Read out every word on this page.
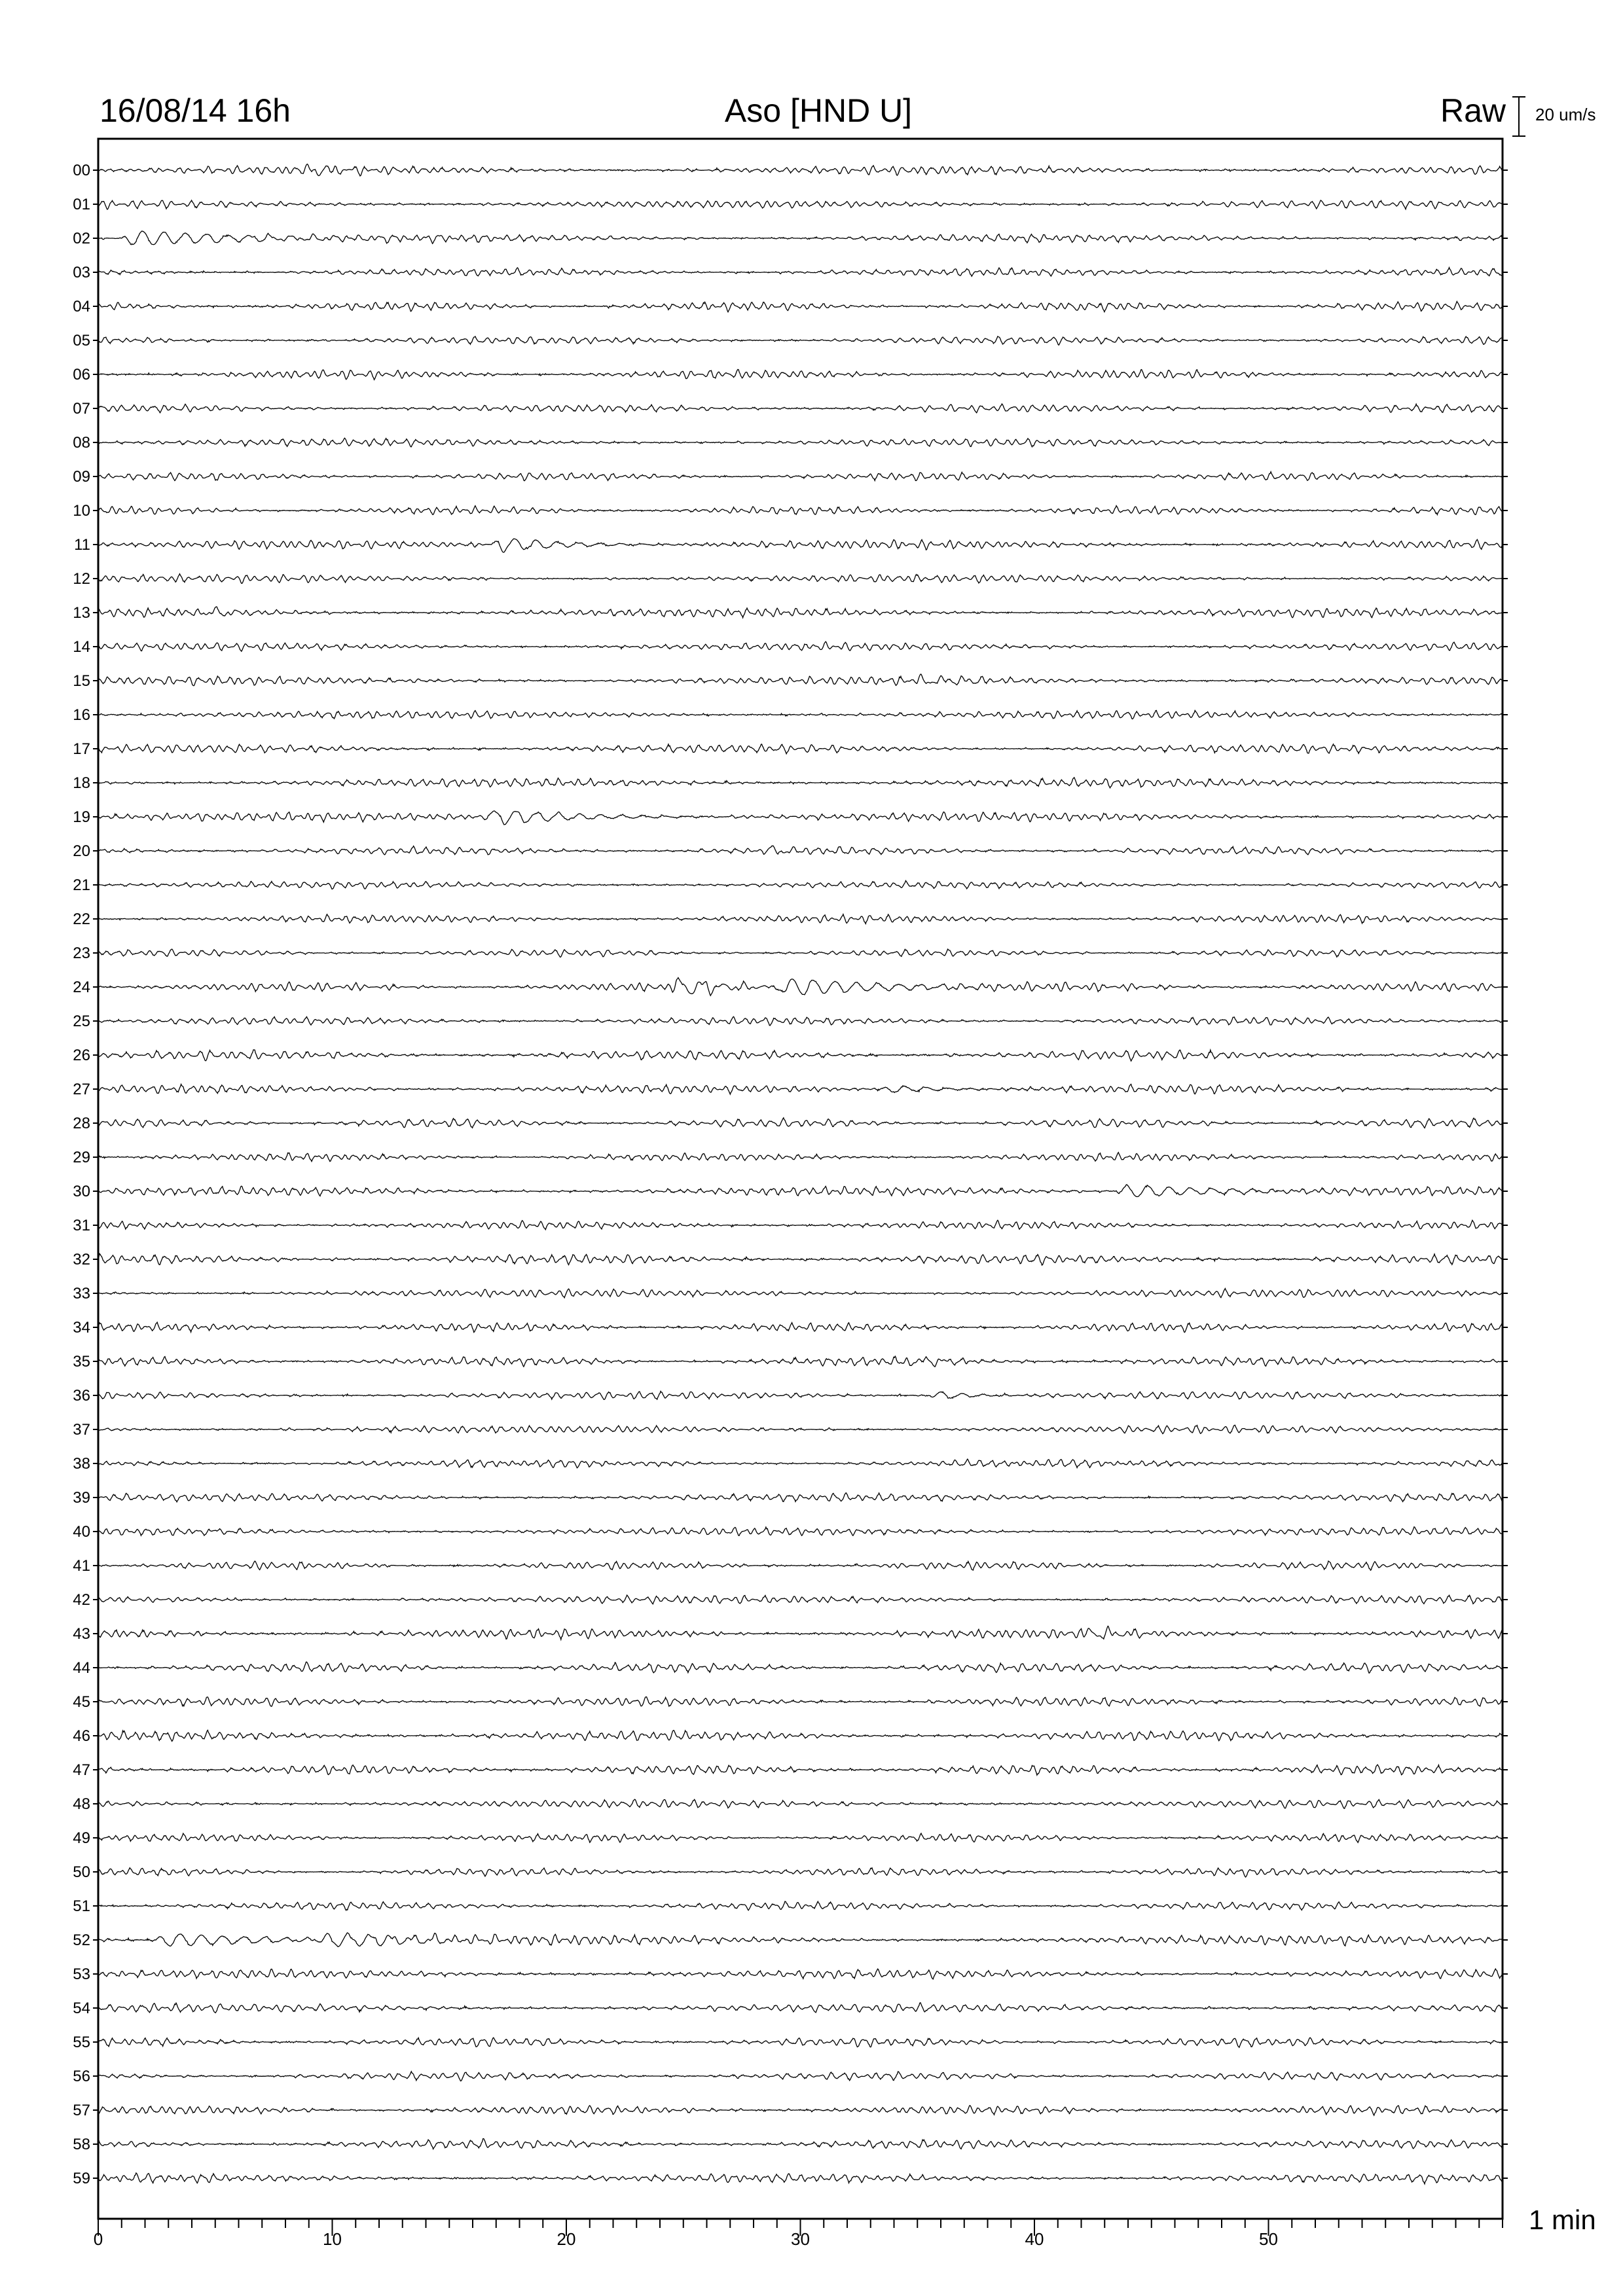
16/08/14 16h	Aso [HND U]	Raw 20 um/s
1 min
00
01
02
03
04
05
06
07
08
09
10
11
12
13
14
15
16
17
18
19
20
21
22
23
24
25
26
27
28
29
30
31
32
33
34
35
36
37
38
39
40
41
42
43
44
45
46
47
48
49
50
51
52
53
54
55
56
57
58
59
0	10	20	30	40	50
